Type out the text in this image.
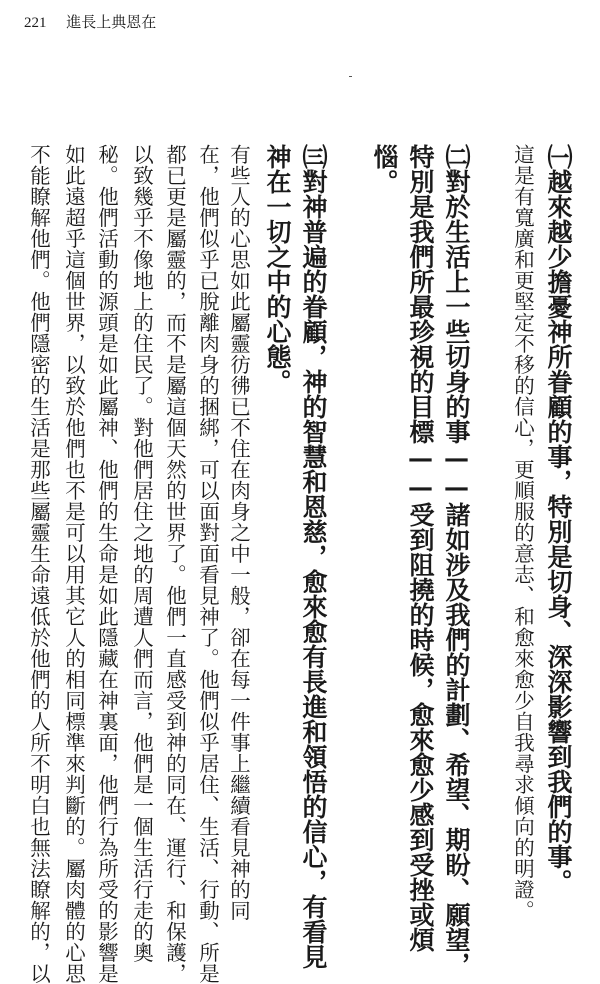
221 進長上典恩在
㈠越來越少擔憂神所眷顧的事，特別是切身、深深影響到我們的事。
這是有寬廣和更堅定不移的信心，更順服的意志、和愈來愈少自我尋求傾向的明證。
㈡對於生活上一些切身的事——諸如涉及我們的計劃、希望、期盼、願望，
特別是我們所最珍視的目標——受到阻撓的時候，愈來愈少感到受挫或煩
惱。
㈢對神普遍的眷顧，神的智慧和恩慈，愈來愈有長進和領悟的信心，有看見
神在一切之中的心態。
有些人的心思如此屬靈彷彿已不住在肉身之中一般，卻在每一件事上繼續看見神的同
在，他們似乎已脫離肉身的捆綁，可以面對面看見神了。他們似乎居住、生活、行動、所是
都已更是屬靈的，而不是屬這個天然的世界了。他們一直感受到神的同在、運行、和保護，
以致幾乎不像地上的住民了。對他們居住之地的周遭人們而言，他們是一個生活行走的奧
秘。他們活動的源頭是如此屬神、他們的生命是如此隱藏在神裏面，他們行為所受的影響是
如此遠超乎這個世界，以致於他們也不是可以用其它人的相同標準來判斷的。屬肉體的心思
不能瞭解他們。他們隱密的生活是那些屬靈生命遠低於他們的人所不明白也無法瞭解的，以
